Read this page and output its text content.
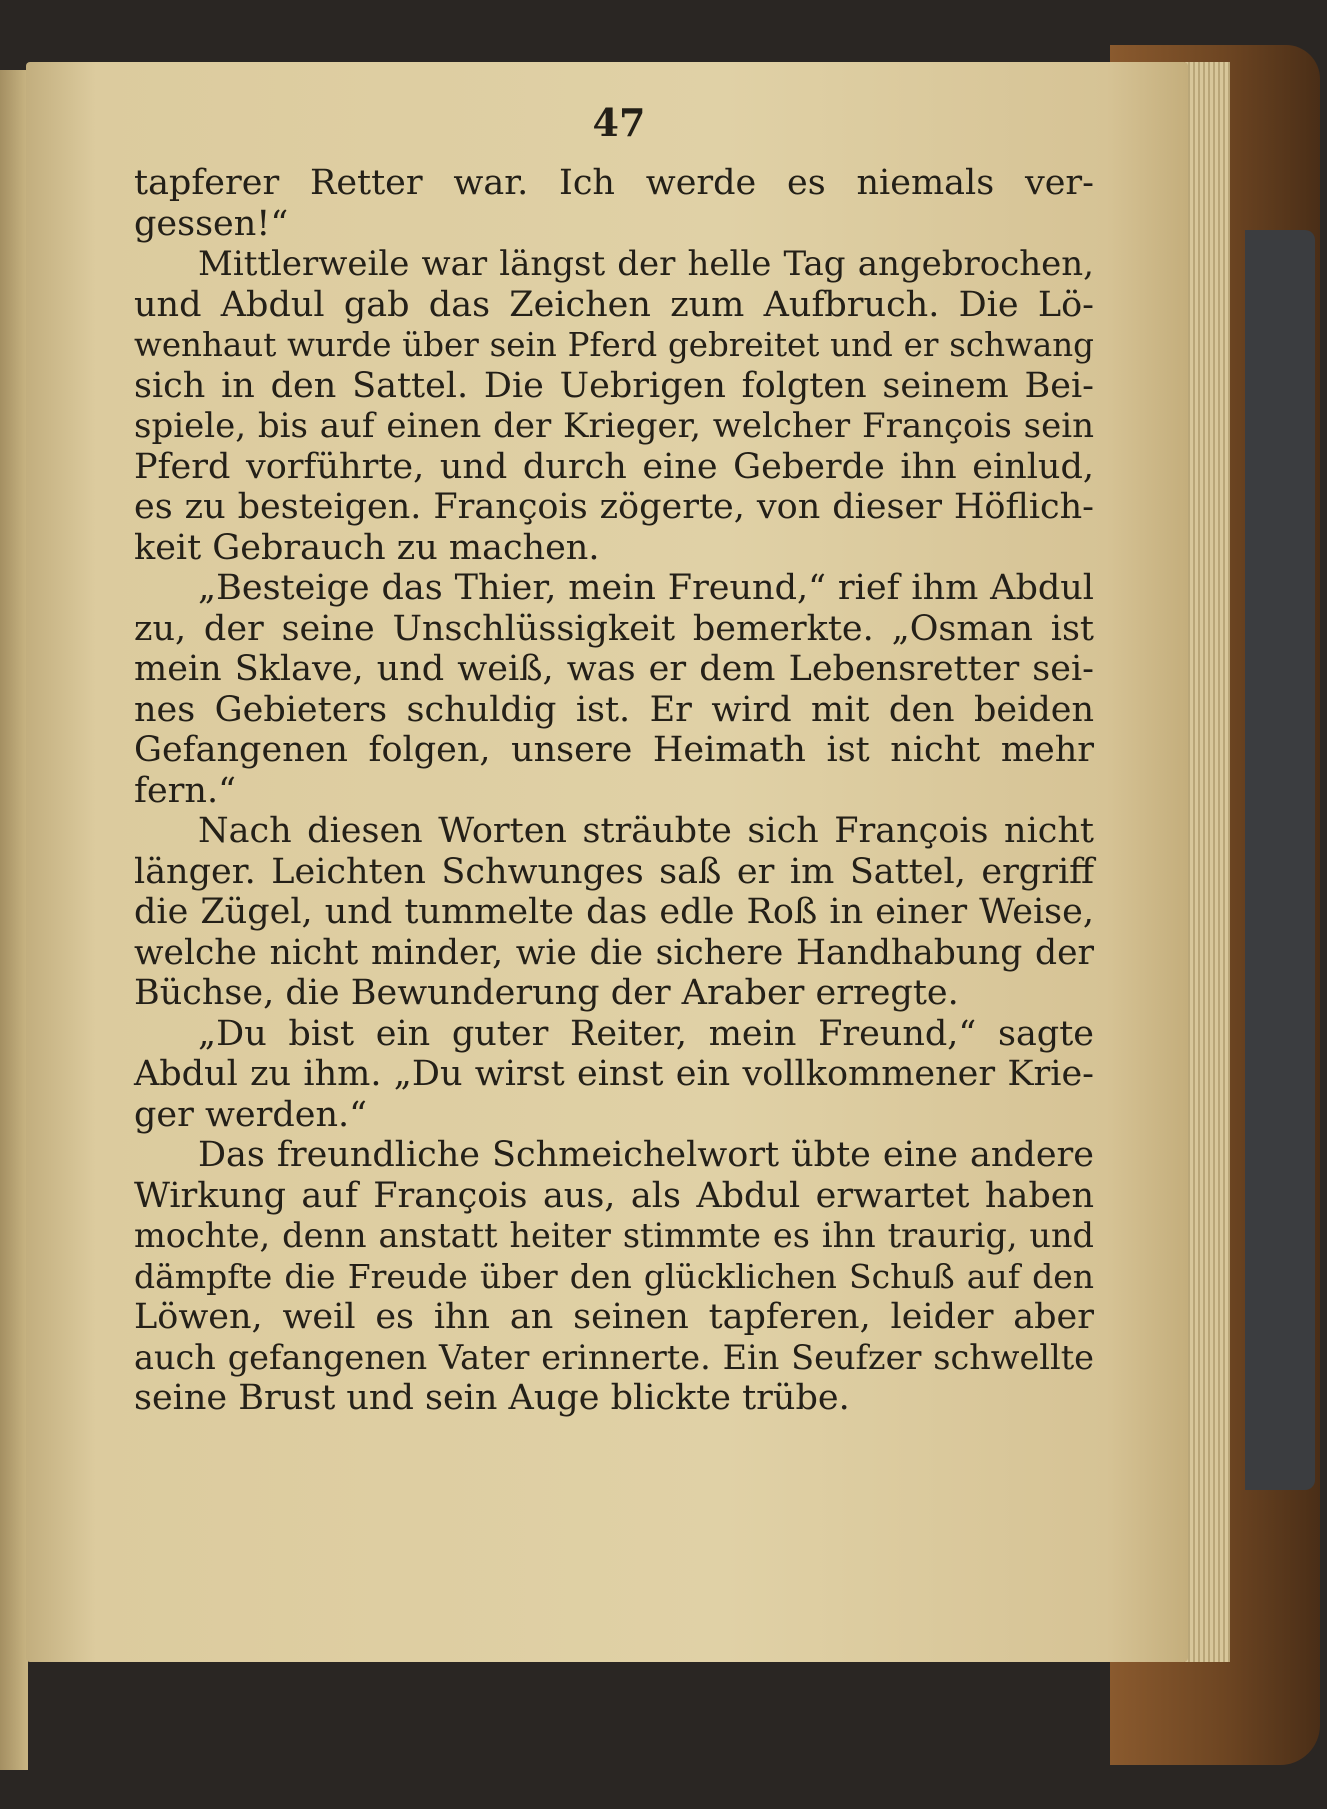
47
tapferer Retter war. Ich werde es niemals ver-
gessen!“
Mittlerweile war längst der helle Tag angebrochen,
und Abdul gab das Zeichen zum Aufbruch. Die Lö-
wenhaut wurde über sein Pferd gebreitet und er schwang
sich in den Sattel. Die Uebrigen folgten seinem Bei-
spiele, bis auf einen der Krieger, welcher François sein
Pferd vorführte, und durch eine Geberde ihn einlud,
es zu besteigen. François zögerte, von dieser Höflich-
keit Gebrauch zu machen.
„Besteige das Thier, mein Freund,“ rief ihm Abdul
zu, der seine Unschlüssigkeit bemerkte. „Osman ist
mein Sklave, und weiß, was er dem Lebensretter sei-
nes Gebieters schuldig ist. Er wird mit den beiden
Gefangenen folgen, unsere Heimath ist nicht mehr
fern.“
Nach diesen Worten sträubte sich François nicht
länger. Leichten Schwunges saß er im Sattel, ergriff
die Zügel, und tummelte das edle Roß in einer Weise,
welche nicht minder, wie die sichere Handhabung der
Büchse, die Bewunderung der Araber erregte.
„Du bist ein guter Reiter, mein Freund,“ sagte
Abdul zu ihm. „Du wirst einst ein vollkommener Krie-
ger werden.“
Das freundliche Schmeichelwort übte eine andere
Wirkung auf François aus, als Abdul erwartet haben
mochte, denn anstatt heiter stimmte es ihn traurig, und
dämpfte die Freude über den glücklichen Schuß auf den
Löwen, weil es ihn an seinen tapferen, leider aber
auch gefangenen Vater erinnerte. Ein Seufzer schwellte
seine Brust und sein Auge blickte trübe.
